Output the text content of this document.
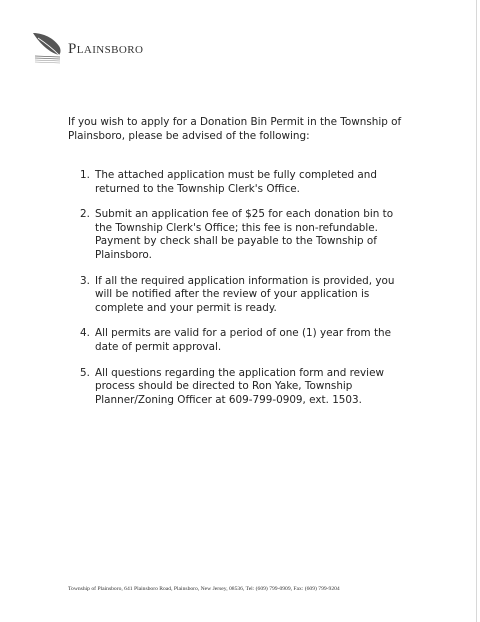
Plainsboro

If you wish to apply for a Donation Bin Permit in the Township of Plainsboro, please be advised of the following:

1. The attached application must be fully completed and returned to the Township Clerk's Office.
2. Submit an application fee of $25 for each donation bin to the Township Clerk's Office; this fee is non-refundable. Payment by check shall be payable to the Township of Plainsboro.
3. If all the required application information is provided, you will be notified after the review of your application is complete and your permit is ready.
4. All permits are valid for a period of one (1) year from the date of permit approval.
5. All questions regarding the application form and review process should be directed to Ron Yake, Township Planner/Zoning Officer at 609-799-0909, ext. 1503.
Township of Plainsboro, 641 Plainsboro Road, Plainsboro, New Jersey, 08536, Tel: (609) 799-0909, Fax: (609) 799-9204
